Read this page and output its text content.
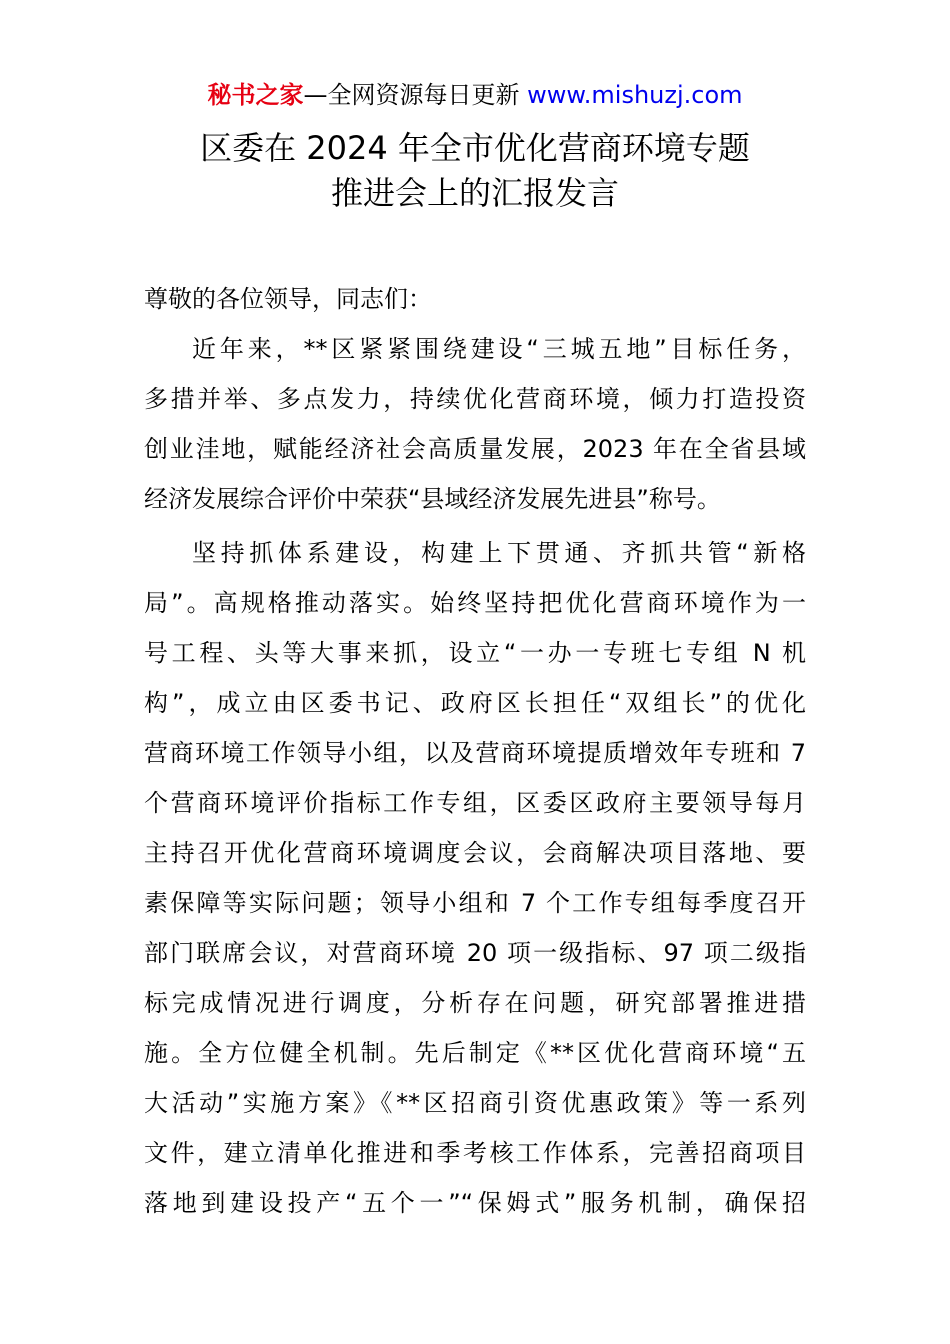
秘书之家—全网资源每日更新 www.mishuzj.com
区委在 2024 年全市优化营商环境专题
推进会上的汇报发言

尊敬的各位领导，同志们：

近年来，**区紧紧围绕建设“三城五地”目标任务，

多措并举、多点发力，持续优化营商环境，倾力打造投资

创业洼地，赋能经济社会高质量发展，2023 年在全省县域

经济发展综合评价中荣获“县域经济发展先进县”称号。

坚持抓体系建设，构建上下贯通、齐抓共管“新格

局”。高规格推动落实。始终坚持把优化营商环境作为一

号工程、头等大事来抓，设立“一办一专班七专组 N 机

构”，成立由区委书记、政府区长担任“双组长”的优化

营商环境工作领导小组，以及营商环境提质增效年专班和 7

个营商环境评价指标工作专组，区委区政府主要领导每月

主持召开优化营商环境调度会议，会商解决项目落地、要

素保障等实际问题；领导小组和 7 个工作专组每季度召开

部门联席会议，对营商环境 20 项一级指标、97 项二级指

标完成情况进行调度，分析存在问题，研究部署推进措

施。全方位健全机制。先后制定《**区优化营商环境“五

大活动”实施方案》《**区招商引资优惠政策》等一系列

文件，建立清单化推进和季考核工作体系，完善招商项目

落地到建设投产“五个一”“保姆式”服务机制，确保招
